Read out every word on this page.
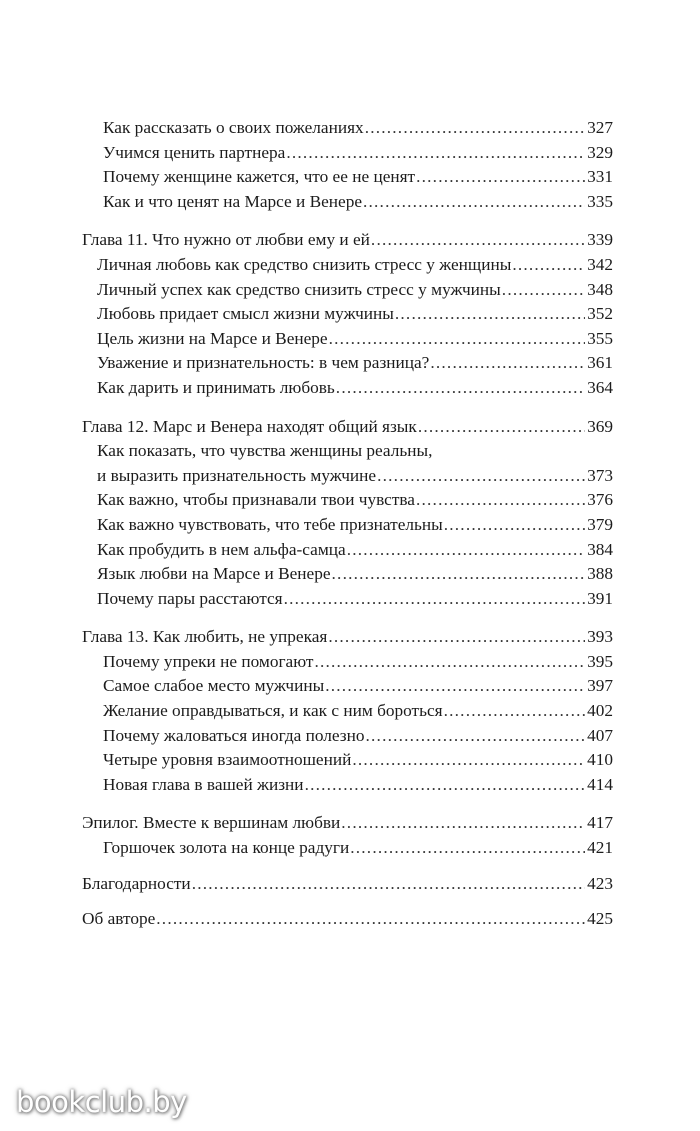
Как рассказать о своих пожеланиях .....	327
Учимся ценить партнера .....	329
Почему женщине кажется, что ее не ценят .....	331
Как и что ценят на Марсе и Венере .....	335
Глава 11. Что нужно от любви ему и ей .....	339
Личная любовь как средство снизить стресс у женщины .....	342
Личный успех как средство снизить стресс у мужчины .....	348
Любовь придает смысл жизни мужчины .....	352
Цель жизни на Марсе и Венере .....	355
Уважение и признательность: в чем разница? .....	361
Как дарить и принимать любовь .....	364
Глава 12. Марс и Венера находят общий язык .....	369
Как показать, что чувства женщины реальны,
и выразить признательность мужчине .....	373
Как важно, чтобы признавали твои чувства .....	376
Как важно чувствовать, что тебе признательны .....	379
Как пробудить в нем альфа-самца .....	384
Язык любви на Марсе и Венере .....	388
Почему пары расстаются .....	391
Глава 13. Как любить, не упрекая .....	393
Почему упреки не помогают .....	395
Самое слабое место мужчины .....	397
Желание оправдываться, и как с ним бороться .....	402
Почему жаловаться иногда полезно .....	407
Четыре уровня взаимоотношений .....	410
Новая глава в вашей жизни .....	414
Эпилог. Вместе к вершинам любви .....	417
Горшочек золота на конце радуги .....	421
Благодарности .....	423
Об авторе .....	425
bookclub.by
